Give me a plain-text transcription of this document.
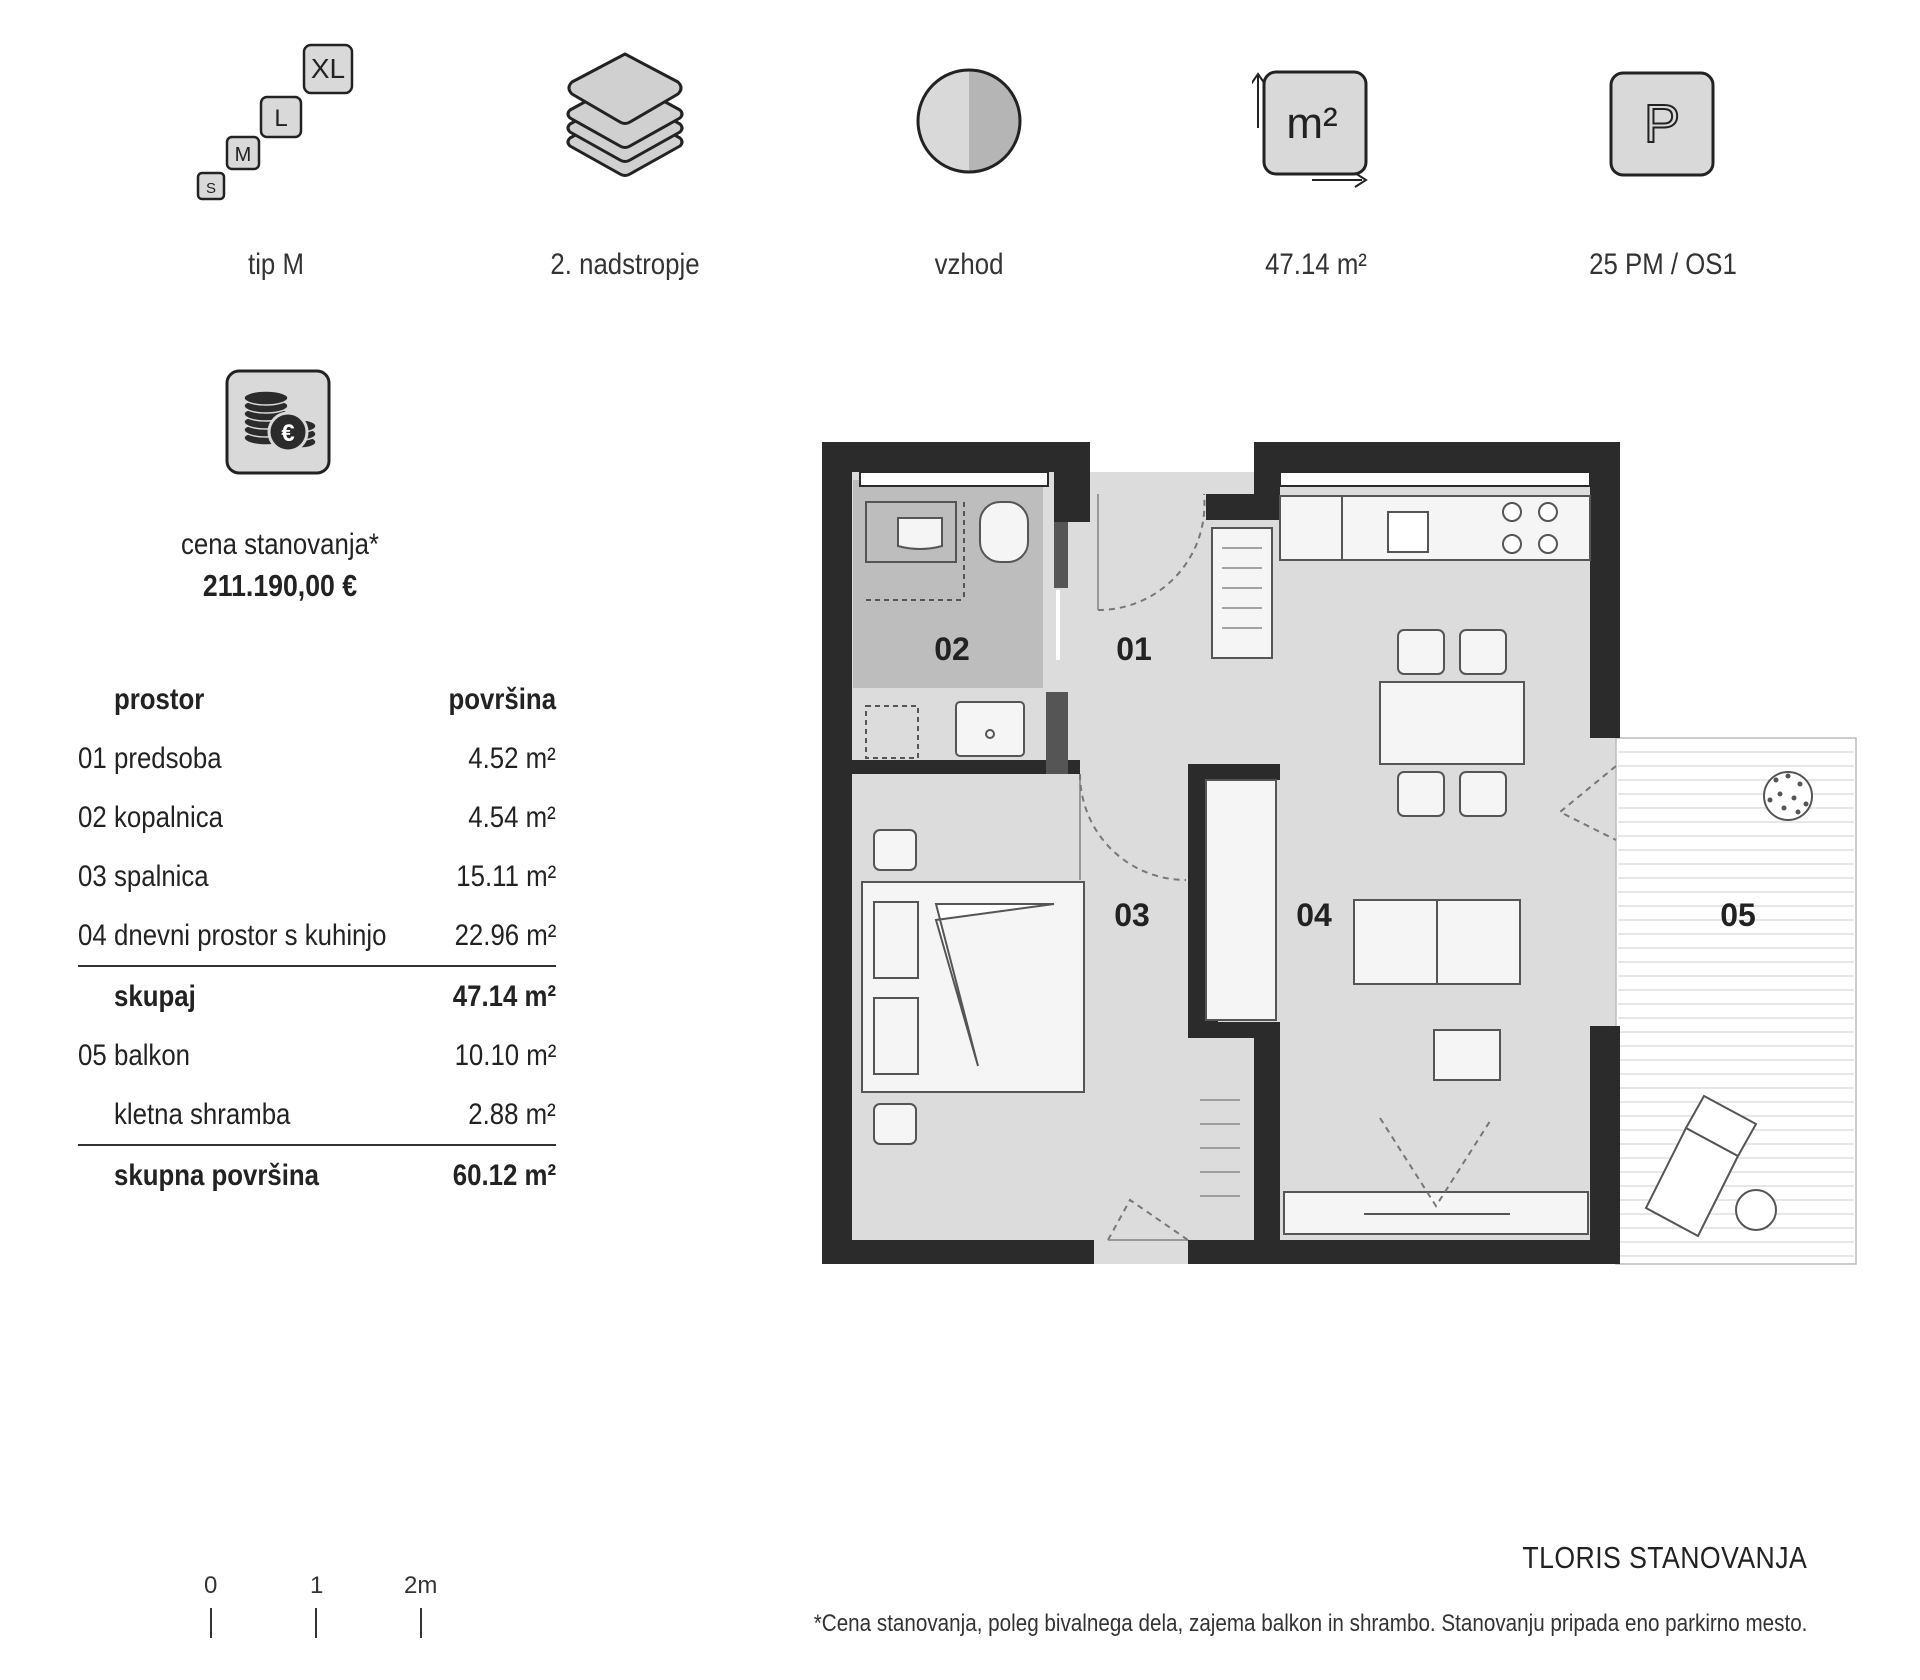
XL
L
M
S
tip M	2. nadstropje	vzhod
m²
47.14 m²
P
25 PM / OS1
€
cena stanovanja*
211.190,00 €
	prostor	površina
01	predsoba	4.52 m²
02	kopalnica	4.54 m²
03	spalnica	15.11 m²
04	dnevni prostor s kuhinjo	22.96 m²
	skupaj	47.14 m²
05	balkon	10.10 m²
	kletna shramba	2.88 m²
	skupna površina	60.12 m²
01
02
03	04	05
0	1	2m
TLORIS STANOVANJA
*Cena stanovanja, poleg bivalnega dela, zajema balkon in shrambo. Stanovanju pripada eno parkirno mesto.
